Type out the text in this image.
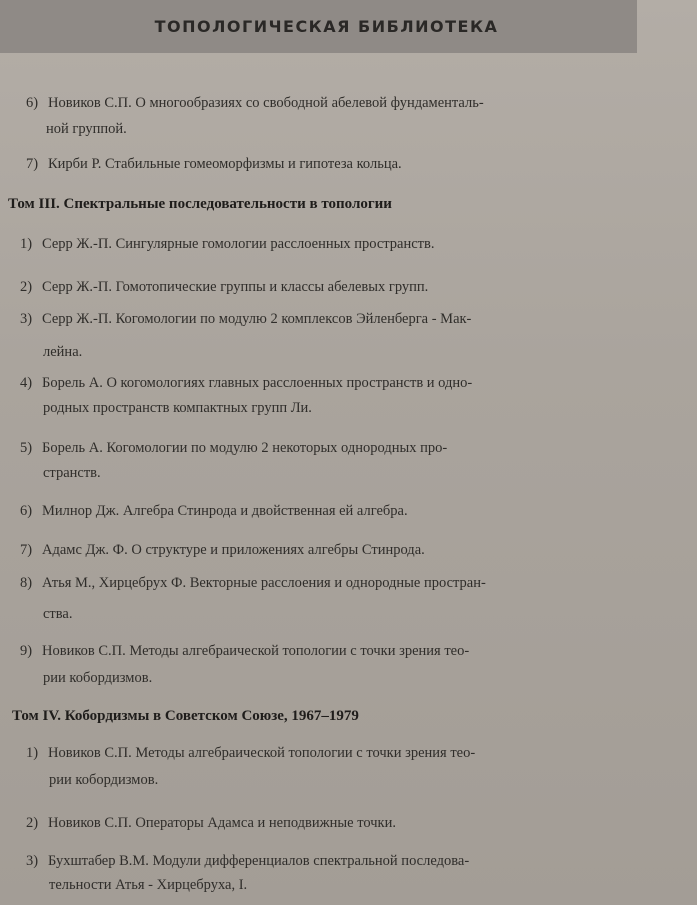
ТОПОЛОГИЧЕСКАЯ БИБЛИОТЕКА
6) Новиков С.П. О многообразиях со свободной абелевой фундаменталь-
ной группой.
7) Кирби Р. Стабильные гомеоморфизмы и гипотеза кольца.
Том III. Спектральные последовательности в топологии
1) Серр Ж.-П. Сингулярные гомологии расслоенных пространств.
2) Серр Ж.-П. Гомотопические группы и классы абелевых групп.
3) Серр Ж.-П. Когомологии по модулю 2 комплексов Эйленберга - Мак-
лейна.
4) Борель А. О когомологиях главных расслоенных пространств и одно-
родных пространств компактных групп Ли.
5) Борель А. Когомологии по модулю 2 некоторых однородных про-
странств.
6) Милнор Дж. Алгебра Стинрода и двойственная ей алгебра.
7) Адамс Дж. Ф. О структуре и приложениях алгебры Стинрода.
8) Атья М., Хирцебрух Ф. Векторные расслоения и однородные простран-
ства.
9) Новиков С.П. Методы алгебраической топологии с точки зрения тео-
рии кобордизмов.
Том IV. Кобордизмы в Советском Союзе, 1967–1979
1) Новиков С.П. Методы алгебраической топологии с точки зрения тео-
рии кобордизмов.
2) Новиков С.П. Операторы Адамса и неподвижные точки.
3) Бухштабер В.М. Модули дифференциалов спектральной последова-
тельности Атья - Хирцебруха, I.
